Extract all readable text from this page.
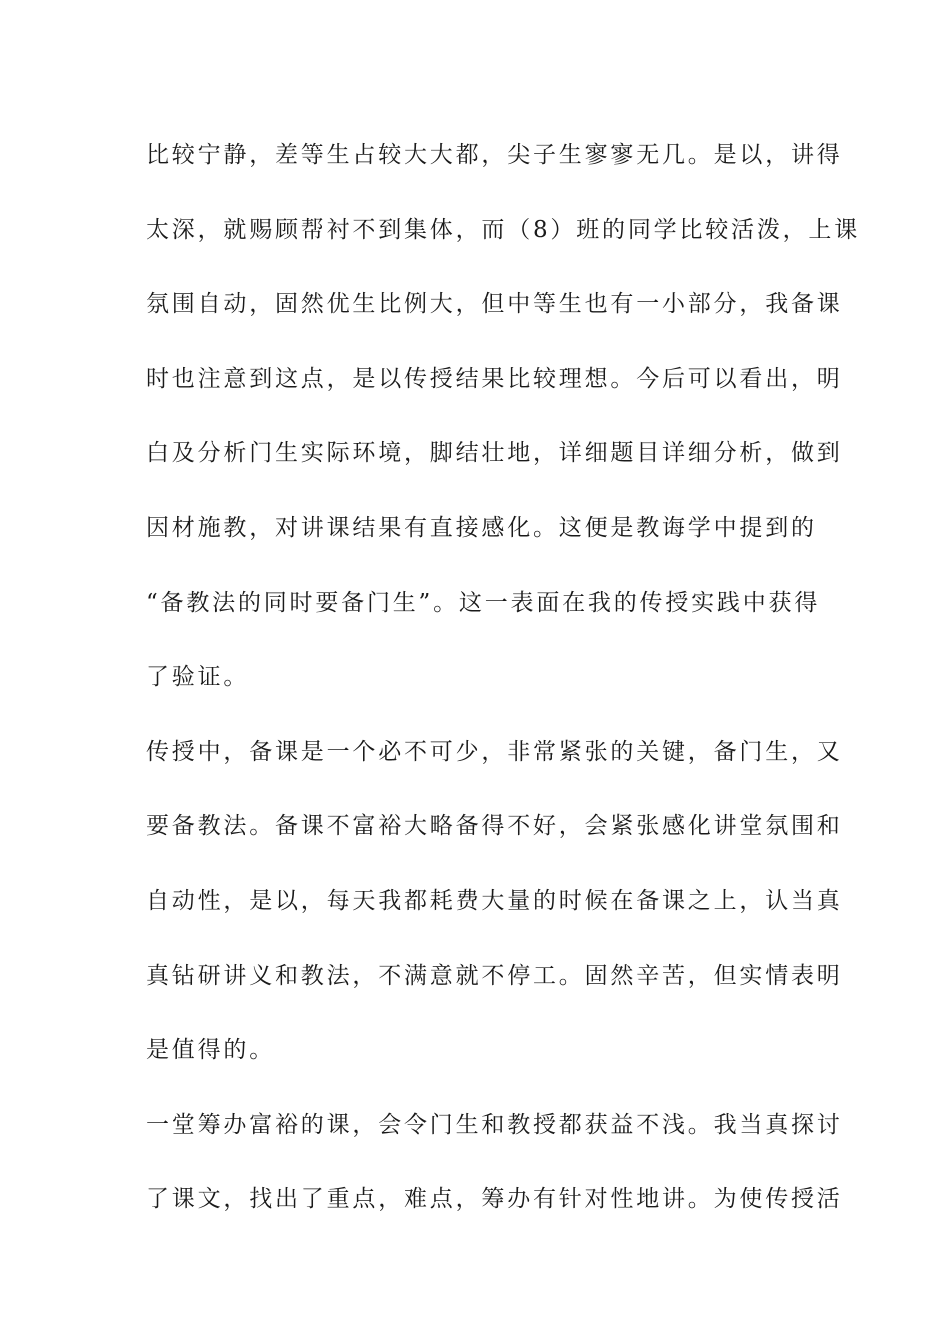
比较宁静，差等生占较大大都，尖子生寥寥无几。是以，讲得
太深，就赐顾帮衬不到集体，而（8）班的同学比较活泼，上课
氛围自动，固然优生比例大，但中等生也有一小部分，我备课
时也注意到这点，是以传授结果比较理想。今后可以看出，明
白及分析门生实际环境，脚结壮地，详细题目详细分析，做到
因材施教，对讲课结果有直接感化。这便是教诲学中提到的
“备教法的同时要备门生”。这一表面在我的传授实践中获得
了验证。
传授中，备课是一个必不可少，非常紧张的关键，备门生，又
要备教法。备课不富裕大略备得不好，会紧张感化讲堂氛围和
自动性，是以，每天我都耗费大量的时候在备课之上，认当真
真钻研讲义和教法，不满意就不停工。固然辛苦，但实情表明
是值得的。
一堂筹办富裕的课，会令门生和教授都获益不浅。我当真探讨
了课文，找出了重点，难点，筹办有针对性地讲。为使传授活
